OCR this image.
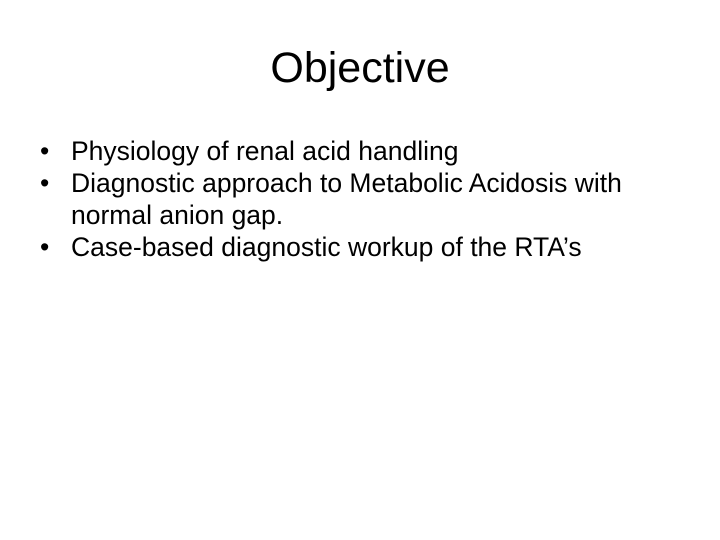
Objective
• Physiology of renal acid handling
• Diagnostic approach to Metabolic Acidosis with normal anion gap.
• Case-based diagnostic workup of the RTA’s
